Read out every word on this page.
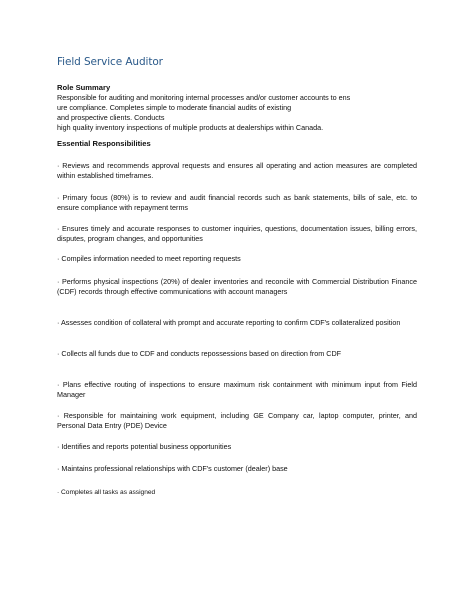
Field Service Auditor
Role Summary
Responsible for auditing and monitoring internal processes and/or customer accounts to ens
ure compliance. Completes simple to moderate financial audits of existing
and prospective clients. Conducts
high quality inventory inspections of multiple products at dealerships within Canada.
Essential Responsibilities
· Reviews and recommends approval requests and ensures all operating and action measures are completed within established timeframes.
· Primary focus (80%) is to review and audit financial records such as bank statements, bills of sale, etc. to ensure compliance with repayment terms
· Ensures timely and accurate responses to customer inquiries, questions, documentation issues, billing errors, disputes, program changes, and opportunities
· Compiles information needed to meet reporting requests
· Performs physical inspections (20%) of dealer inventories and reconcile with Commercial Distribution Finance (CDF) records through effective communications with account managers
· Assesses condition of collateral with prompt and accurate reporting to confirm CDF's collateralized position
· Collects all funds due to CDF and conducts repossessions based on direction from CDF
· Plans effective routing of inspections to ensure maximum risk containment with minimum input from Field Manager
· Responsible for maintaining work equipment, including GE Company car, laptop computer, printer, and Personal Data Entry (PDE) Device
· Identifies and reports potential business opportunities
· Maintains professional relationships with CDF's customer (dealer) base
· Completes all tasks as assigned
